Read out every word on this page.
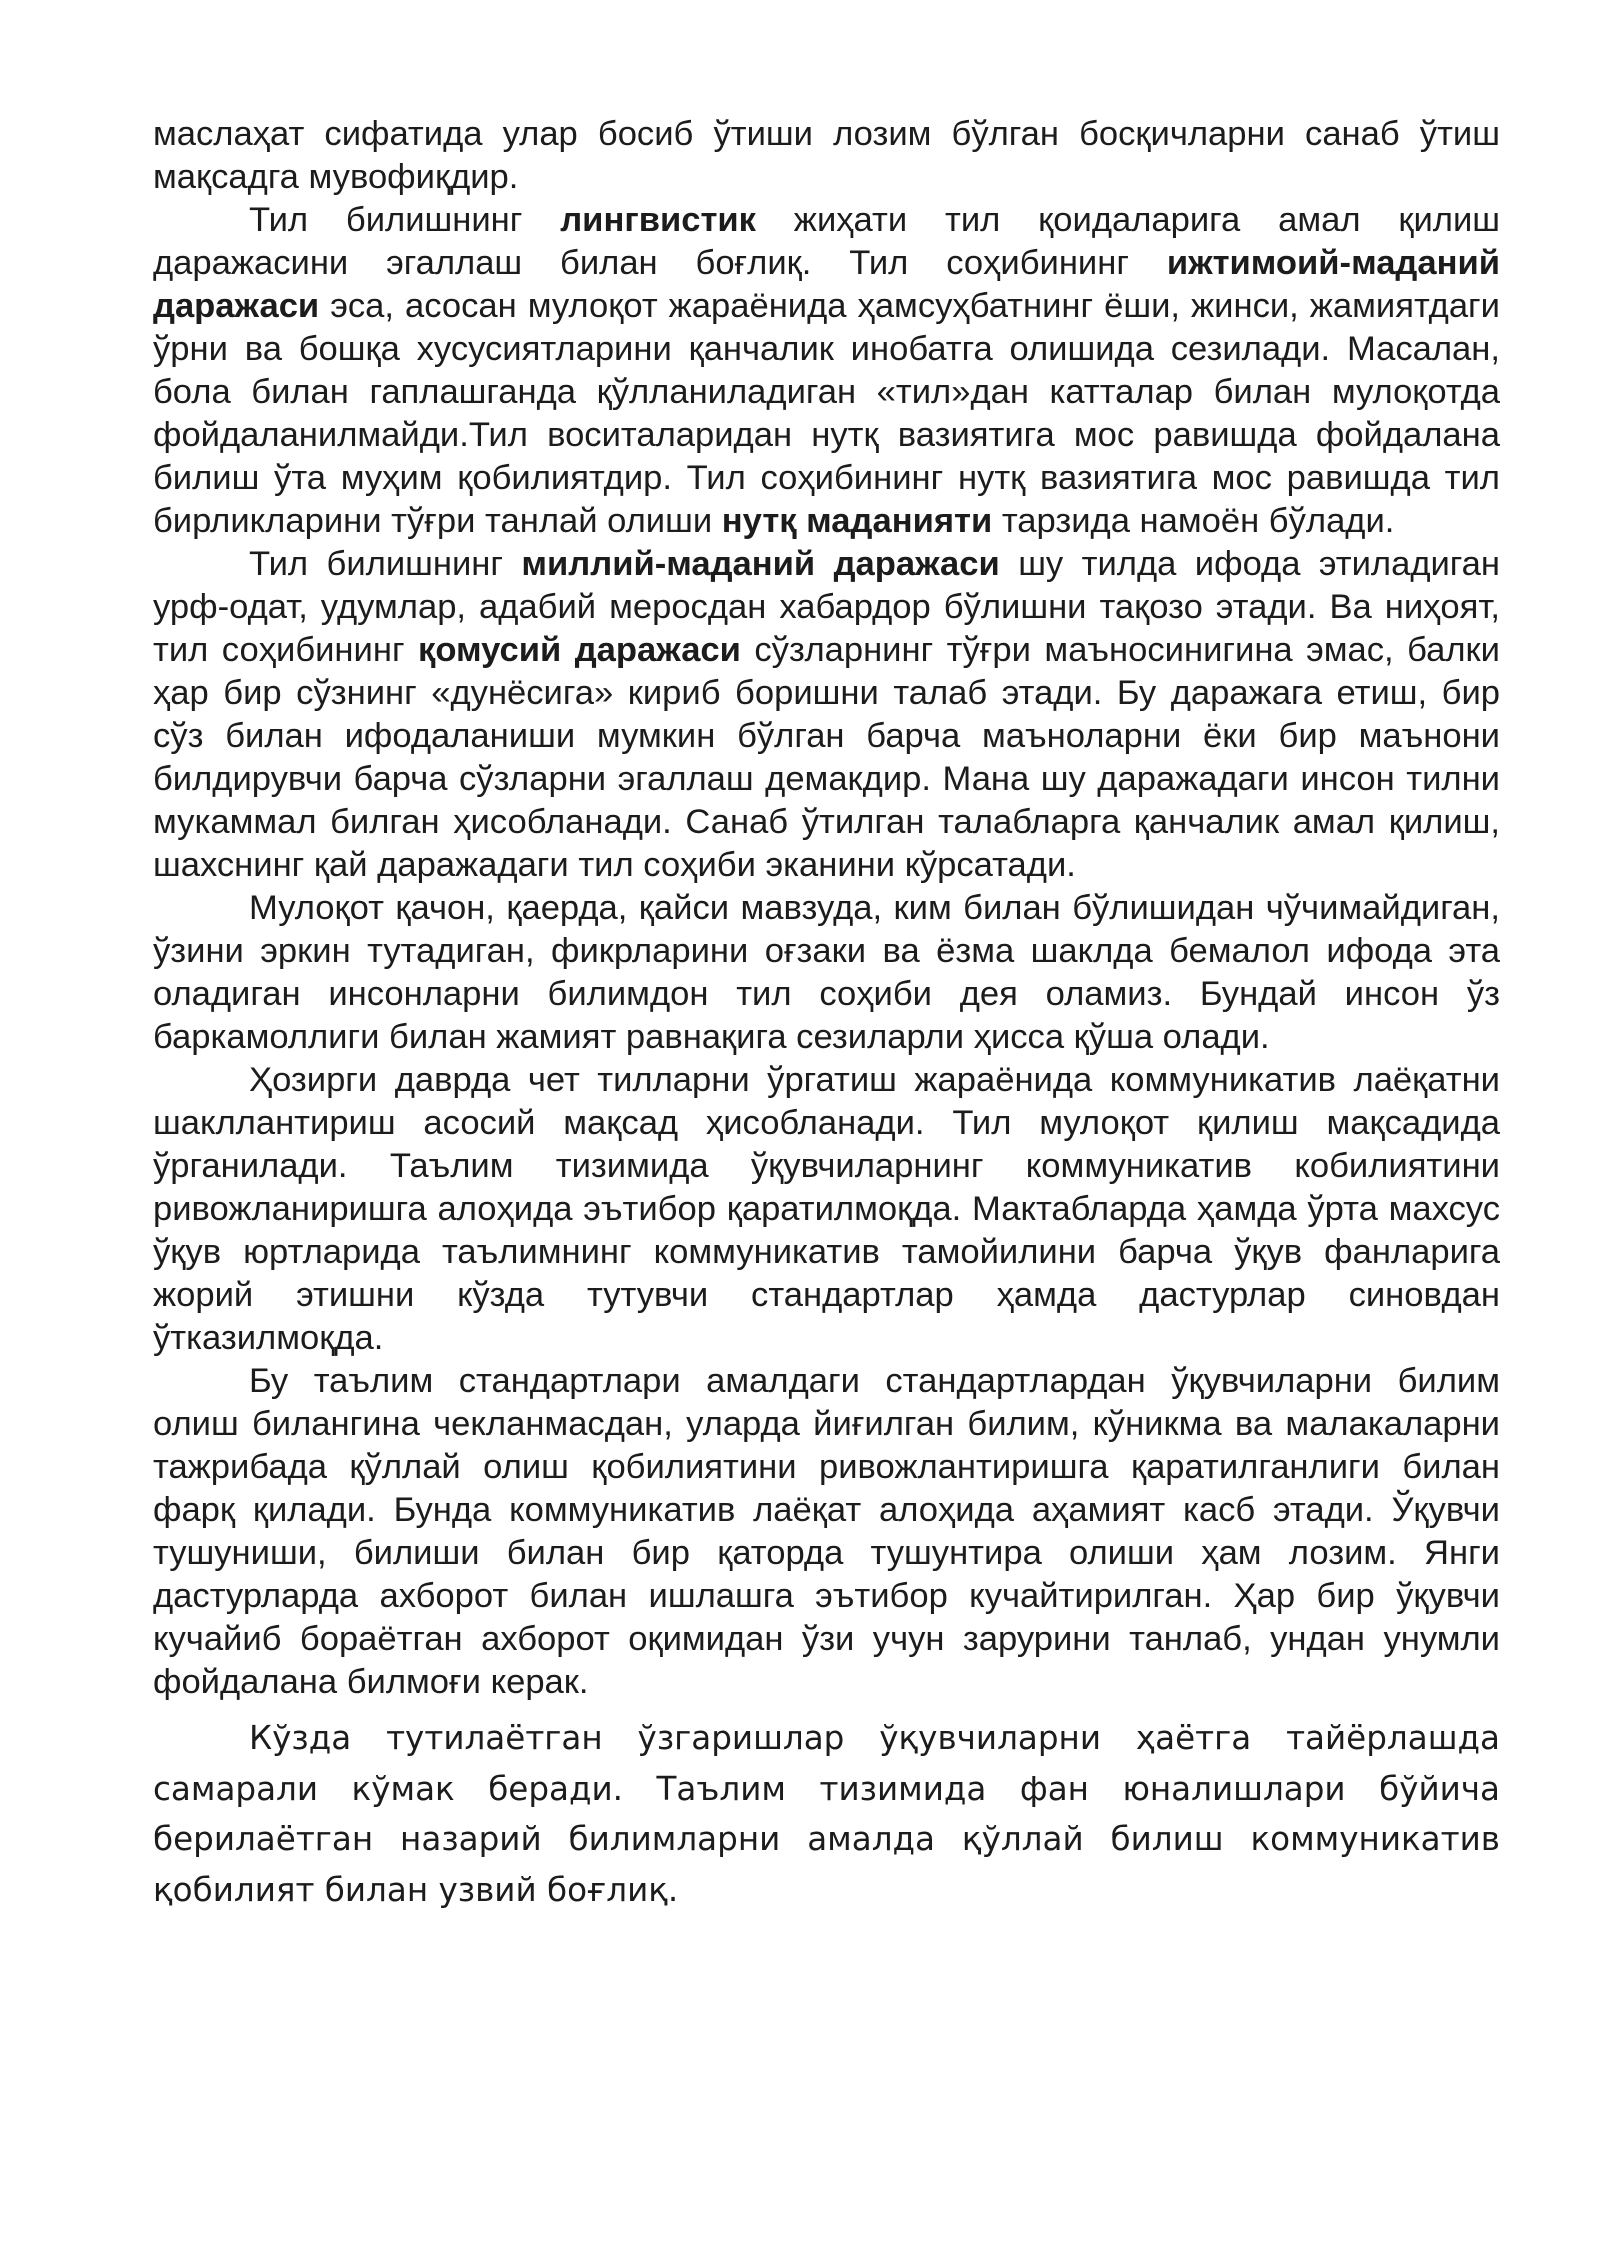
маслаҳат сифатида улар босиб ўтиши лозим бўлган босқичларни санаб ўтиш мақсадга мувофиқдир.

Тил билишнинг лингвистик жиҳати тил қоидаларига амал қилиш даражасини эгаллаш билан боғлиқ. Тил соҳибининг ижтимоий-маданий даражаси эса, асосан мулоқот жараёнида ҳамсуҳбатнинг ёши, жинси, жамиятдаги ўрни ва бошқа хусусиятларини қанчалик инобатга олишида сезилади. Масалан, бола билан гаплашганда қўлланиладиган «тил»дан катталар билан мулоқотда фойдаланилмайди.Тил воситаларидан нутқ вазиятига мос равишда фойдалана билиш ўта муҳим қобилиятдир. Тил соҳибининг нутқ вазиятига мос равишда тил бирликларини тўғри танлай олиши нутқ маданияти тарзида намоён бўлади.

Тил билишнинг миллий-маданий даражаси шу тилда ифода этиладиган урф-одат, удумлар, адабий меросдан хабардор бўлишни тақозо этади. Ва ниҳоят, тил соҳибининг қомусий даражаси сўзларнинг тўғри маъносинигина эмас, балки ҳар бир сўзнинг «дунёсига» кириб боришни талаб этади. Бу даражага етиш, бир сўз билан ифодаланиши мумкин бўлган барча маъноларни ёки бир маънони билдирувчи барча сўзларни эгаллаш демакдир. Мана шу даражадаги инсон тилни мукаммал билган ҳисобланади. Санаб ўтилган талабларга қанчалик амал қилиш, шахснинг қай даражадаги тил соҳиби эканини кўрсатади.

Мулоқот қачон, қаерда, қайси мавзуда, ким билан бўлишидан чўчимайдиган, ўзини эркин тутадиган, фикрларини оғзаки ва ёзма шаклда бемалол ифода эта оладиган инсонларни билимдон тил соҳиби дея оламиз. Бундай инсон ўз баркамоллиги билан жамият равнақига сезиларли ҳисса қўша олади.

Ҳозирги даврда чет тилларни ўргатиш жараёнида коммуникатив лаёқатни шакллантириш асосий мақсад ҳисобланади. Тил мулоқот қилиш мақсадида ўрганилади. Таълим тизимида ўқувчиларнинг коммуникатив кобилиятини ривожланиришга алоҳида эътибор қаратилмоқда. Мактабларда ҳамда ўрта махсус ўқув юртларида таълимнинг коммуникатив тамойилини барча ўқув фанларига жорий этишни кўзда тутувчи стандартлар ҳамда дастурлар синовдан ўтказилмоқда.

Бу таълим стандартлари амалдаги стандартлардан ўқувчиларни билим олиш билангина чекланмасдан, уларда йиғилган билим, кўникма ва малакаларни тажрибада қўллай олиш қобилиятини ривожлантиришга қаратилганлиги билан фарқ қилади. Бунда коммуникатив лаёқат алоҳида аҳамият касб этади. Ўқувчи тушуниши, билиши билан бир қаторда тушунтира олиши ҳам лозим. Янги дастурларда ахборот билан ишлашга эътибор кучайтирилган. Ҳар бир ўқувчи кучайиб бораётган ахборот оқимидан ўзи учун зарурини танлаб, ундан унумли фойдалана билмоғи керак.

Кўзда тутилаётган ўзгаришлар ўқувчиларни ҳаётга тайёрлашда самарали кўмак беради. Таълим тизимида фан юналишлари бўйича берилаётган назарий билимларни амалда қўллай билиш коммуникатив қобилият билан узвий боғлиқ.
